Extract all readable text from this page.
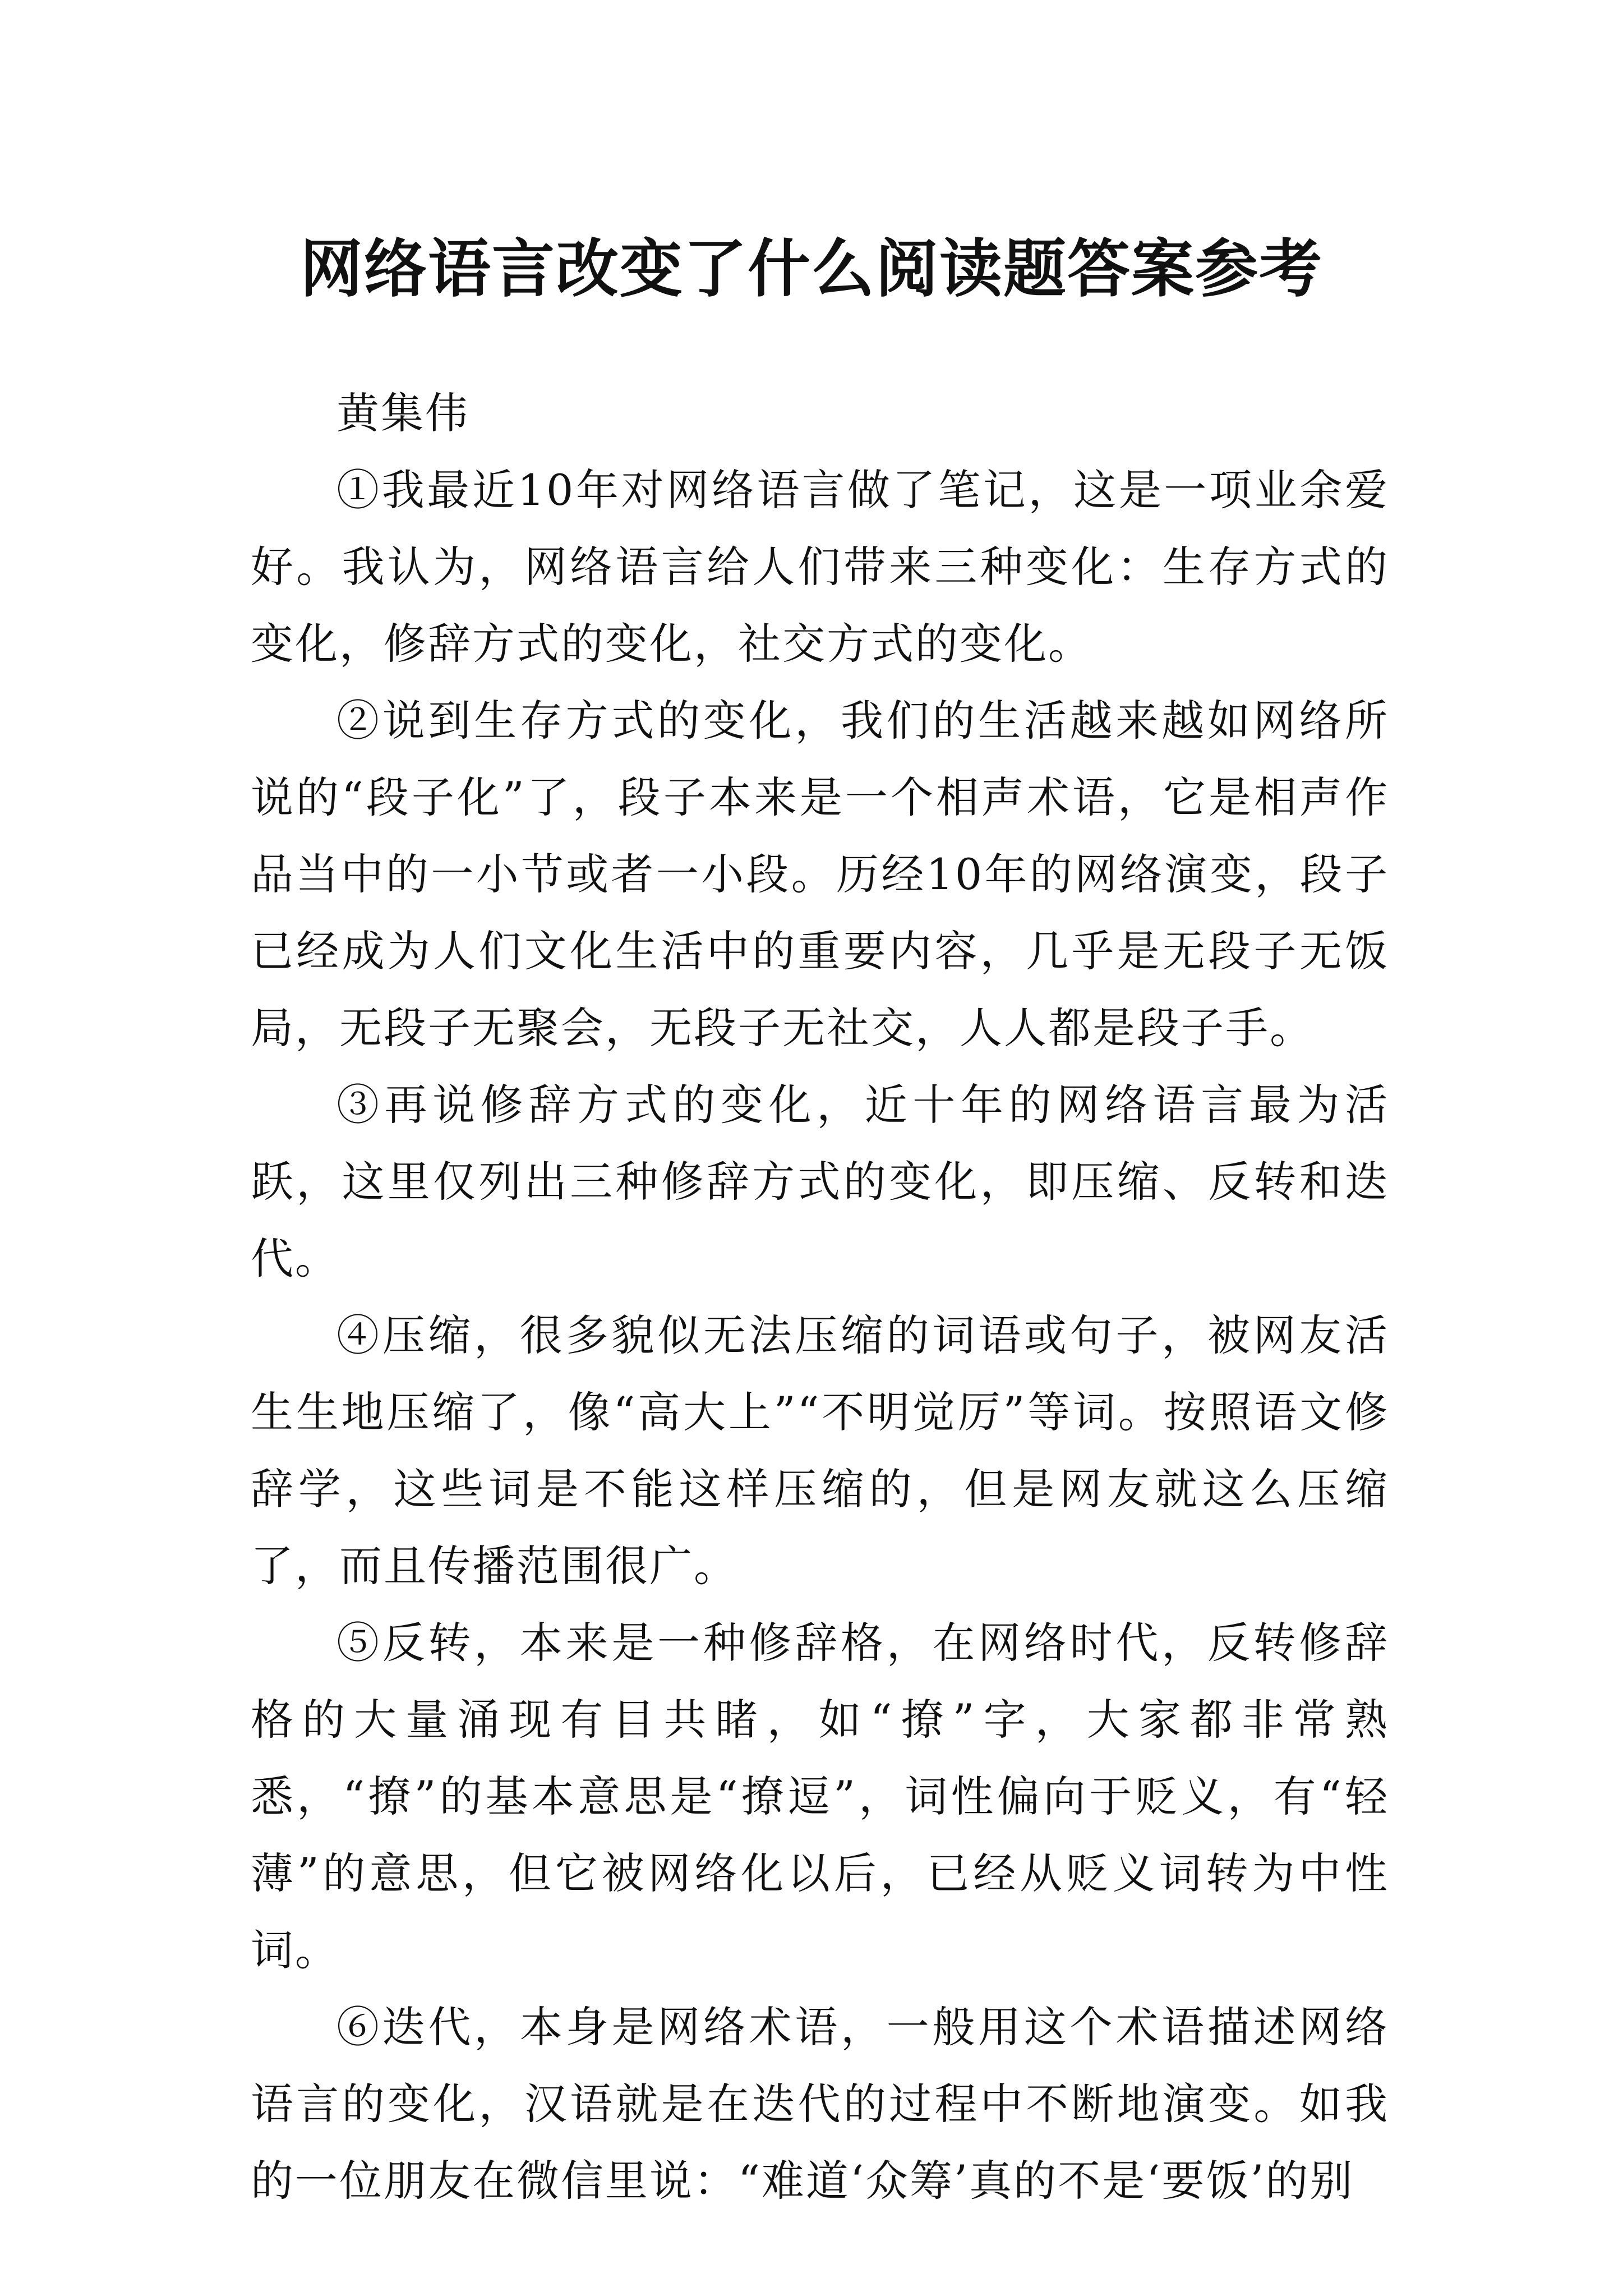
网络语言改变了什么阅读题答案参考

黄集伟

①我最近10年对网络语言做了笔记，这是一项业余爱好。我认为，网络语言给人们带来三种变化：生存方式的变化，修辞方式的变化，社交方式的变化。

②说到生存方式的变化，我们的生活越来越如网络所说的“段子化”了，段子本来是一个相声术语，它是相声作品当中的一小节或者一小段。历经10年的网络演变，段子已经成为人们文化生活中的重要内容，几乎是无段子无饭局，无段子无聚会，无段子无社交，人人都是段子手。

③再说修辞方式的变化，近十年的网络语言最为活跃，这里仅列出三种修辞方式的变化，即压缩、反转和迭代。

④压缩，很多貌似无法压缩的词语或句子，被网友活生生地压缩了，像“高大上”“不明觉厉”等词。按照语文修辞学，这些词是不能这样压缩的，但是网友就这么压缩了，而且传播范围很广。

⑤反转，本来是一种修辞格，在网络时代，反转修辞格的大量涌现有目共睹，如“撩”字，大家都非常熟悉，“撩”的基本意思是“撩逗”，词性偏向于贬义，有“轻薄”的意思，但它被网络化以后，已经从贬义词转为中性词。

⑥迭代，本身是网络术语，一般用这个术语描述网络语言的变化，汉语就是在迭代的过程中不断地演变。如我的一位朋友在微信里说：“难道‘众筹’真的不是‘要饭’的别
